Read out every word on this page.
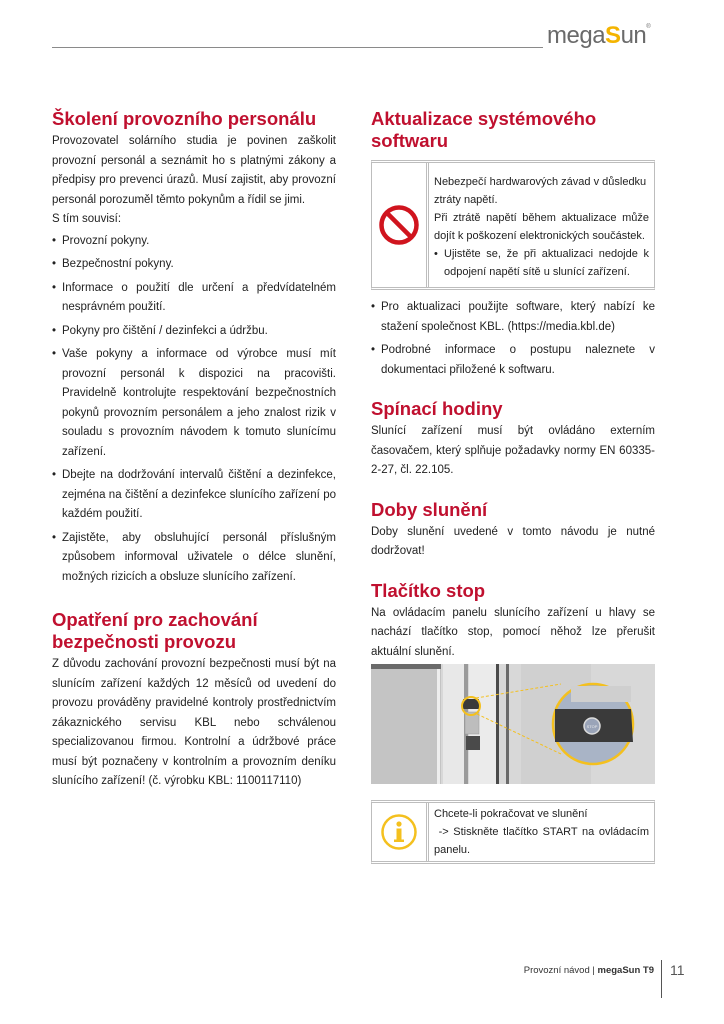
megaSun®
Školení provozního personálu

Provozovatel solárního studia je povinen zaškolit provozní personál a seznámit ho s platnými zákony a předpisy pro prevenci úrazů. Musí zajistit, aby provozní personál porozuměl těmto pokynům a řídil se jimi.

S tím souvisí:

• Provozní pokyny.
• Bezpečnostní pokyny.
• Informace o použití dle určení a předvídatelném nesprávném použití.
• Pokyny pro čištění / dezinfekci a údržbu.
• Vaše pokyny a informace od výrobce musí mít provozní personál k dispozici na pracovišti. Pravidelně kontrolujte respektování bezpečnostních pokynů provozním personálem a jeho znalost rizik v souladu s provozním návodem k tomuto slunícímu zařízení.
• Dbejte na dodržování intervalů čištění a dezinfekce, zejména na čištění a dezinfekce slunícího zařízení po každém použití.
• Zajistěte, aby obsluhující personál příslušným způsobem informoval uživatele o délce slunění, možných rizicích a obsluze slunícího zařízení.
Opatření pro zachování bezpečnosti provozu

Z důvodu zachování provozní bezpečnosti musí být na slunícím zařízení každých 12 měsíců od uvedení do provozu prováděny pravidelné kontroly prostřednictvím zákaznického servisu KBL nebo schválenou specializovanou firmou. Kontrolní a údržbové práce musí být poznačeny v kontrolním a provozním deníku slunícího zařízení! (č. výrobku KBL: 1100117110)

Aktualizace systémového softwaru

Nebezpečí hardwarových závad v důsledku ztráty napětí.

Při ztrátě napětí během aktualizace může dojít k poškození elektronických součástek.

• Ujistěte se, že při aktualizaci nedojde k odpojení napětí sítě u slunící zařízení.
• Pro aktualizaci použijte software, který nabízí ke stažení společnost KBL. (https://media.kbl.de)
• Podrobné informace o postupu naleznete v dokumentaci přiložené k softwaru.
Spínací hodiny

Slunící zařízení musí být ovládáno externím časovačem, který splňuje požadavky normy EN 60335-2-27, čl. 22.105.

Doby slunění

Doby slunění uvedené v tomto návodu je nutné dodržovat!

Tlačítko stop

Na ovládacím panelu slunícího zařízení u hlavy se nachází tlačítko stop, pomocí něhož lze přerušit aktuální slunění.

STOP

Chcete-li pokračovat ve slunění

-> Stiskněte tlačítko START na ovládacím panelu.

Provozní návod | megaSun T9 11
